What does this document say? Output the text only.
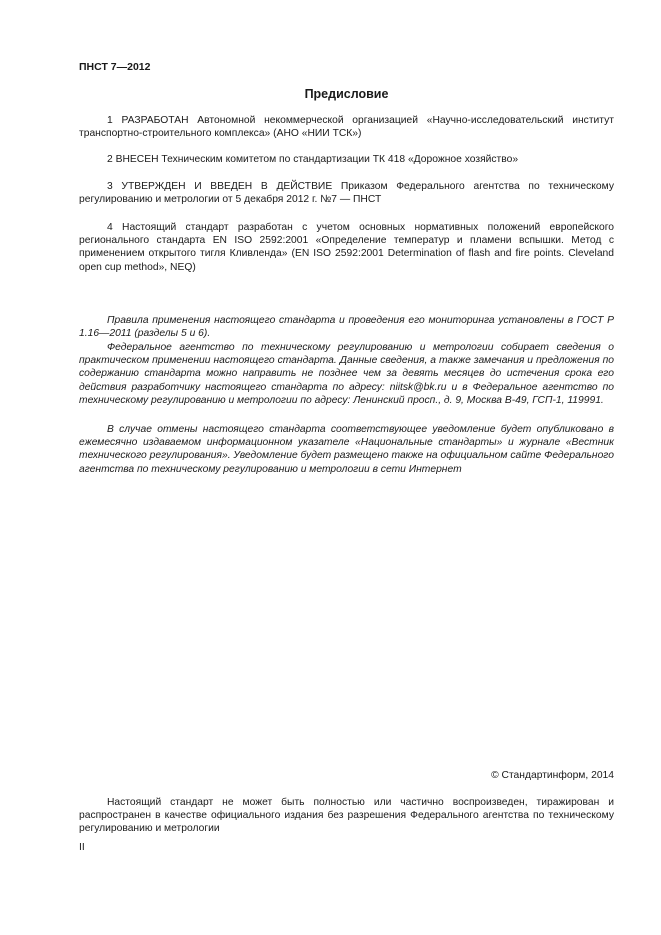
ПНСТ 7—2012
Предисловие

1 РАЗРАБОТАН Автономной некоммерческой организацией «Научно-исследовательский институт транспортно-строительного комплекса» (АНО «НИИ ТСК»)

2 ВНЕСЕН Техническим комитетом по стандартизации ТК 418 «Дорожное хозяйство»

3 УТВЕРЖДЕН И ВВЕДЕН В ДЕЙСТВИЕ Приказом Федерального агентства по техническому регулированию и метрологии от 5 декабря 2012 г. №7 — ПНСТ

4 Настоящий стандарт разработан с учетом основных нормативных положений европейского регионального стандарта EN ISO 2592:2001 «Определение температур и пламени вспышки. Метод с применением открытого тигля Кливленда» (EN ISO 2592:2001 Determination of flash and fire points. Cleveland open cup method», NEQ)

Правила применения настоящего стандарта и проведения его мониторинга установлены в ГОСТ Р 1.16—2011 (разделы 5 и 6).

Федеральное агентство по техническому регулированию и метрологии собирает сведения о практическом применении настоящего стандарта. Данные сведения, а также замечания и предложения по содержанию стандарта можно направить не позднее чем за девять месяцев до истечения срока его действия разработчику настоящего стандарта по адресу: niitsk@bk.ru и в Федеральное агентство по техническому регулированию и метрологии по адресу: Ленинский просп., д. 9, Москва В-49, ГСП-1, 119991.

В случае отмены настоящего стандарта соответствующее уведомление будет опубликовано в ежемесячно издаваемом информационном указателе «Национальные стандарты» и журнале «Вестник технического регулирования». Уведомление будет размещено также на официальном сайте Федерального агентства по техническому регулированию и метрологии в сети Интернет

© Стандартинформ, 2014

Настоящий стандарт не может быть полностью или частично воспроизведен, тиражирован и распространен в качестве официального издания без разрешения Федерального агентства по техническому регулированию и метрологии

II
